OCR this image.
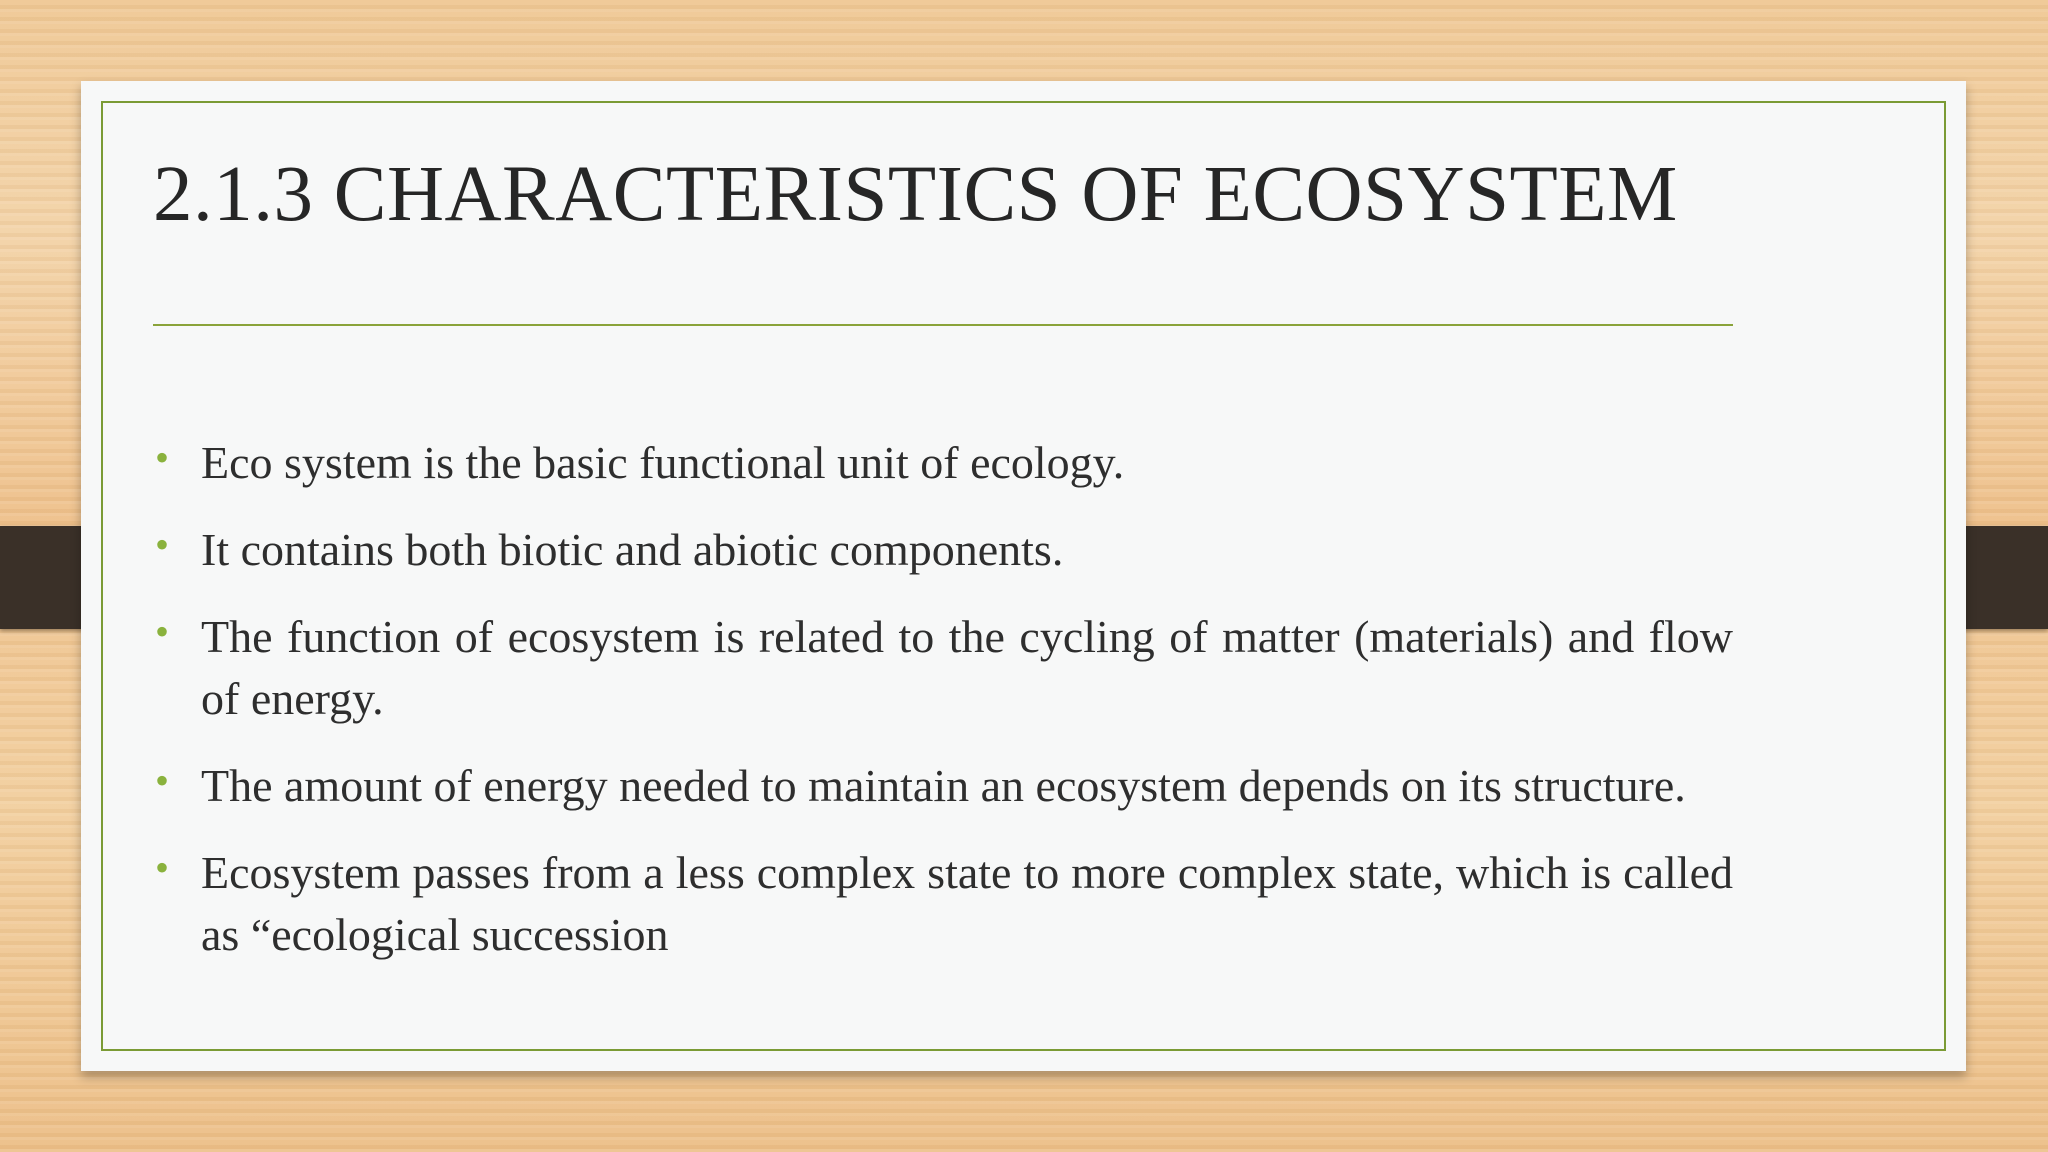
2.1.3 CHARACTERISTICS OF ECOSYSTEM
• Eco system is the basic functional unit of ecology.
• It contains both biotic and abiotic components.
• The function of ecosystem is related to the cycling of matter (materials) and flow of energy.
• The amount of energy needed to maintain an ecosystem depends on its structure.
• Ecosystem passes from a less complex state to more complex state, which is called as “ecological succession
